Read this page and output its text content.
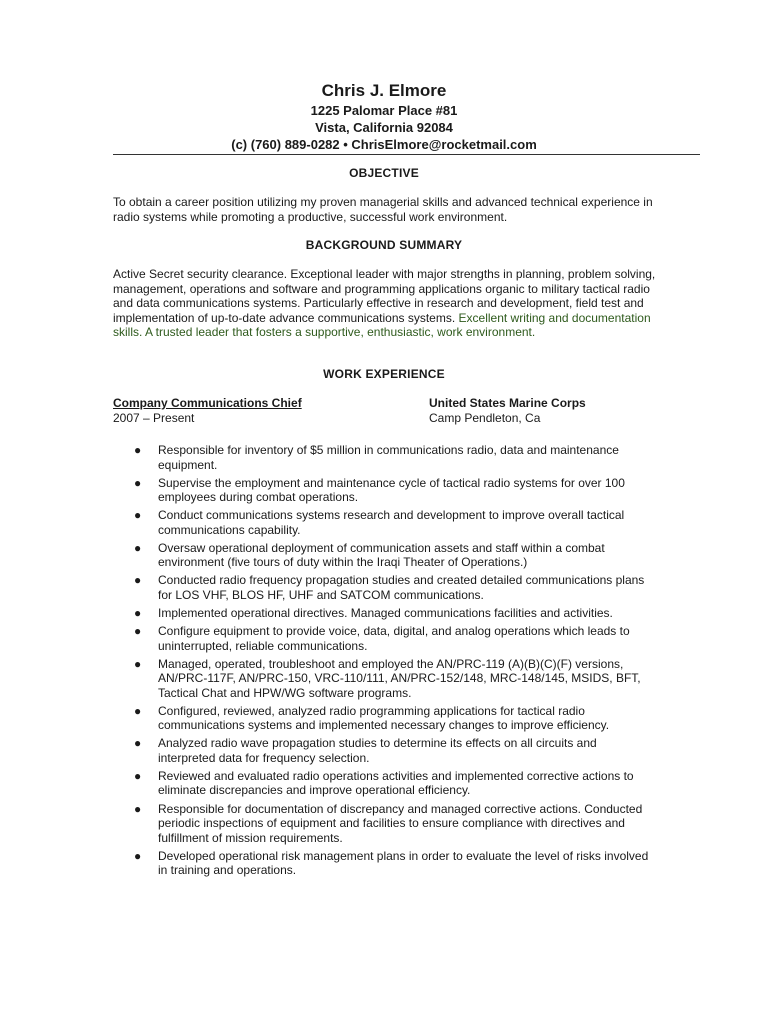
Chris J. Elmore
1225 Palomar Place #81
Vista, California 92084
(c) (760) 889-0282 • ChrisElmore@rocketmail.com
OBJECTIVE
To obtain a career position utilizing my proven managerial skills and advanced technical experience in radio systems while promoting a productive, successful work environment.
BACKGROUND SUMMARY
Active Secret security clearance. Exceptional leader with major strengths in planning, problem solving, management, operations and software and programming applications organic to military tactical radio and data communications systems. Particularly effective in research and development, field test and implementation of up-to-date advance communications systems. Excellent writing and documentation skills. A trusted leader that fosters a supportive, enthusiastic, work environment.
WORK EXPERIENCE
Company Communications Chief
2007 – Present
United States Marine Corps
Camp Pendleton, Ca
● Responsible for inventory of $5 million in communications radio, data and maintenance equipment.
● Supervise the employment and maintenance cycle of tactical radio systems for over 100 employees during combat operations.
● Conduct communications systems research and development to improve overall tactical communications capability.
● Oversaw operational deployment of communication assets and staff within a combat environment (five tours of duty within the Iraqi Theater of Operations.)
● Conducted radio frequency propagation studies and created detailed communications plans for LOS VHF, BLOS HF, UHF and SATCOM communications.
● Implemented operational directives. Managed communications facilities and activities.
● Configure equipment to provide voice, data, digital, and analog operations which leads to uninterrupted, reliable communications.
● Managed, operated, troubleshoot and employed the AN/PRC-119 (A)(B)(C)(F) versions, AN/PRC-117F, AN/PRC-150, VRC-110/111, AN/PRC-152/148, MRC-148/145, MSIDS, BFT, Tactical Chat and HPW/WG software programs.
● Configured, reviewed, analyzed radio programming applications for tactical radio communications systems and implemented necessary changes to improve efficiency.
● Analyzed radio wave propagation studies to determine its effects on all circuits and interpreted data for frequency selection.
● Reviewed and evaluated radio operations activities and implemented corrective actions to eliminate discrepancies and improve operational efficiency.
● Responsible for documentation of discrepancy and managed corrective actions. Conducted periodic inspections of equipment and facilities to ensure compliance with directives and fulfillment of mission requirements.
● Developed operational risk management plans in order to evaluate the level of risks involved in training and operations.
